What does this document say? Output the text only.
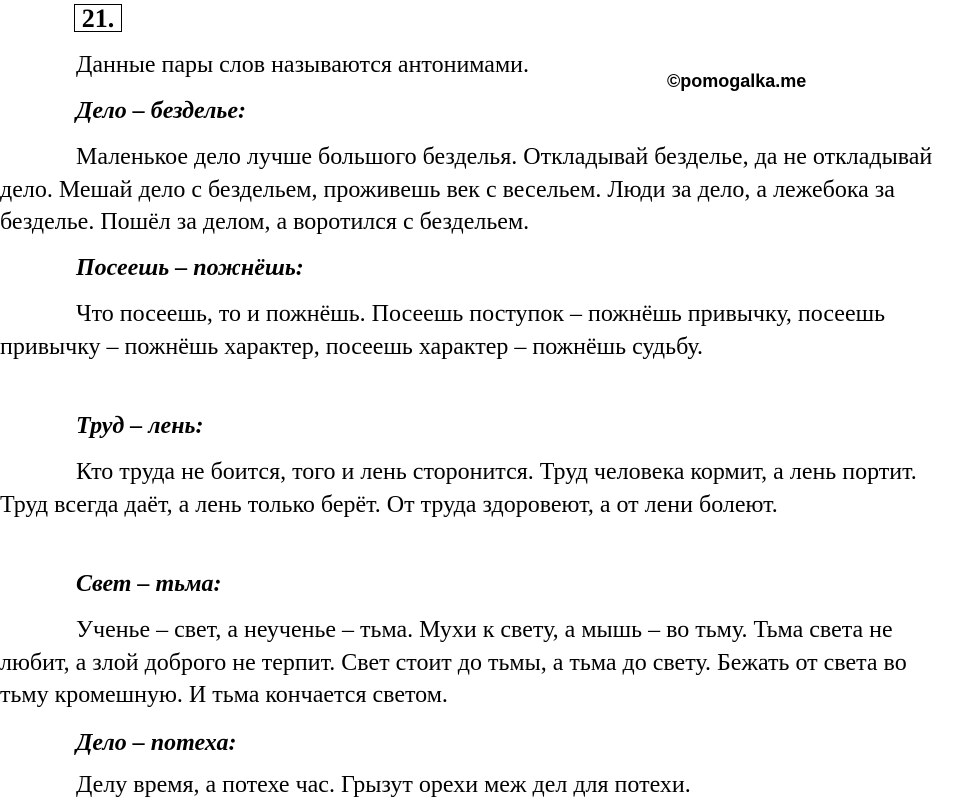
21.
Данные пары слов называются антонимами.
©pomogalka.me
Дело – безделье:

Маленькое дело лучше большого безделья. Откладывай безделье, да не откладывай дело. Мешай дело с бездельем, проживешь век с весельем. Люди за дело, а лежебока за безделье. Пошёл за делом, а воротился с бездельем.

Посеешь – пожнёшь:

Что посеешь, то и пожнёшь. Посеешь поступок – пожнёшь привычку, посеешь привычку – пожнёшь характер, посеешь характер – пожнёшь судьбу.

Труд – лень:

Кто труда не боится, того и лень сторонится. Труд человека кормит, а лень портит. Труд всегда даёт, а лень только берёт. От труда здоровеют, а от лени болеют.

Свет – тьма:

Ученье – свет, а неученье – тьма. Мухи к свету, а мышь – во тьму. Тьма света не любит, а злой доброго не терпит. Свет стоит до тьмы, а тьма до свету. Бежать от света во тьму кромешную. И тьма кончается светом.

Дело – потеха:

Делу время, а потехе час. Грызут орехи меж дел для потехи.
